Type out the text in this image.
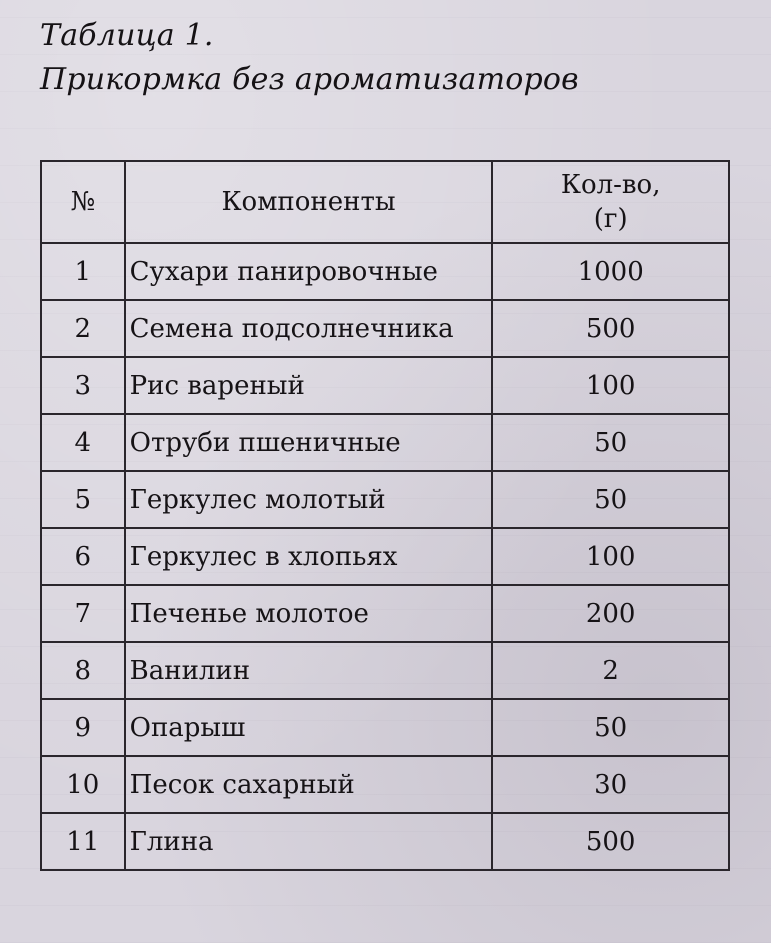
Таблица 1.
Прикормка без ароматизаторов
№	Компоненты	Кол-во,
(г)

1	Сухари панировочные	1000
2	Семена подсолнечника	500
3	Рис вареный	100
4	Отруби пшеничные	50
5	Геркулес молотый	50
6	Геркулес в хлопьях	100
7	Печенье молотое	200
8	Ванилин	2
9	Опарыш	50
10	Песок сахарный	30
11	Глина	500
